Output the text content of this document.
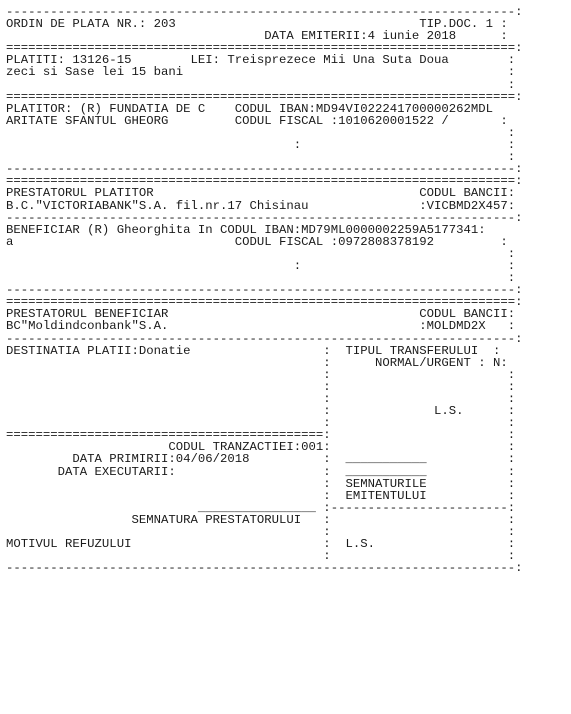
---------------------------------------------------------------------:
ORDIN DE PLATA NR.: 203                                 TIP.DOC. 1 :
DATA EMITERII:4 iunie 2018      :
=====================================================================:
PLATITI: 13126-15        LEI: Treisprezece Mii Una Suta Doua        :
zeci si Sase lei 15 bani                                            :
:
=====================================================================:
PLATITOR: (R) FUNDATIA DE C    CODUL IBAN:MD94VI022241700000262MDL
ARITATE SFANTUL GHEORG         CODUL FISCAL :1010620001522 /       :
:
:                            :
:
---------------------------------------------------------------------:
=====================================================================:
PRESTATORUL PLATITOR                                    CODUL BANCII:
B.C."VICTORIABANK"S.A. fil.nr.17 Chisinau               :VICBMD2X457:
---------------------------------------------------------------------:
BENEFICIAR (R) Gheorghita In CODUL IBAN:MD79ML0000002259A5177341:
a                              CODUL FISCAL :0972808378192         :
:
:                            :
:
---------------------------------------------------------------------:
=====================================================================:
PRESTATORUL BENEFICIAR                                  CODUL BANCII:
BC"Moldindconbank"S.A.                                  :MOLDMD2X   :
---------------------------------------------------------------------:
DESTINATIA PLATII:Donatie                  :  TIPUL TRANSFERULUI  :
:      NORMAL/URGENT : N:
:                        :
:                        :
:                        :
:              L.S.      :
:                        :
===========================================:                        :
CODUL TRANZACTIEI:001:                        :
DATA PRIMIRII:04/06/2018          :  ___________           :
DATA EXECUTARII:                    :  ___________           :
:  SEMNATURILE           :
:  EMITENTULUI           :
________________ :------------------------:
SEMNATURA PRESTATORULUI   :                        :
:                        :
MOTIVUL REFUZULUI                          :  L.S.                  :
:                        :
---------------------------------------------------------------------:
